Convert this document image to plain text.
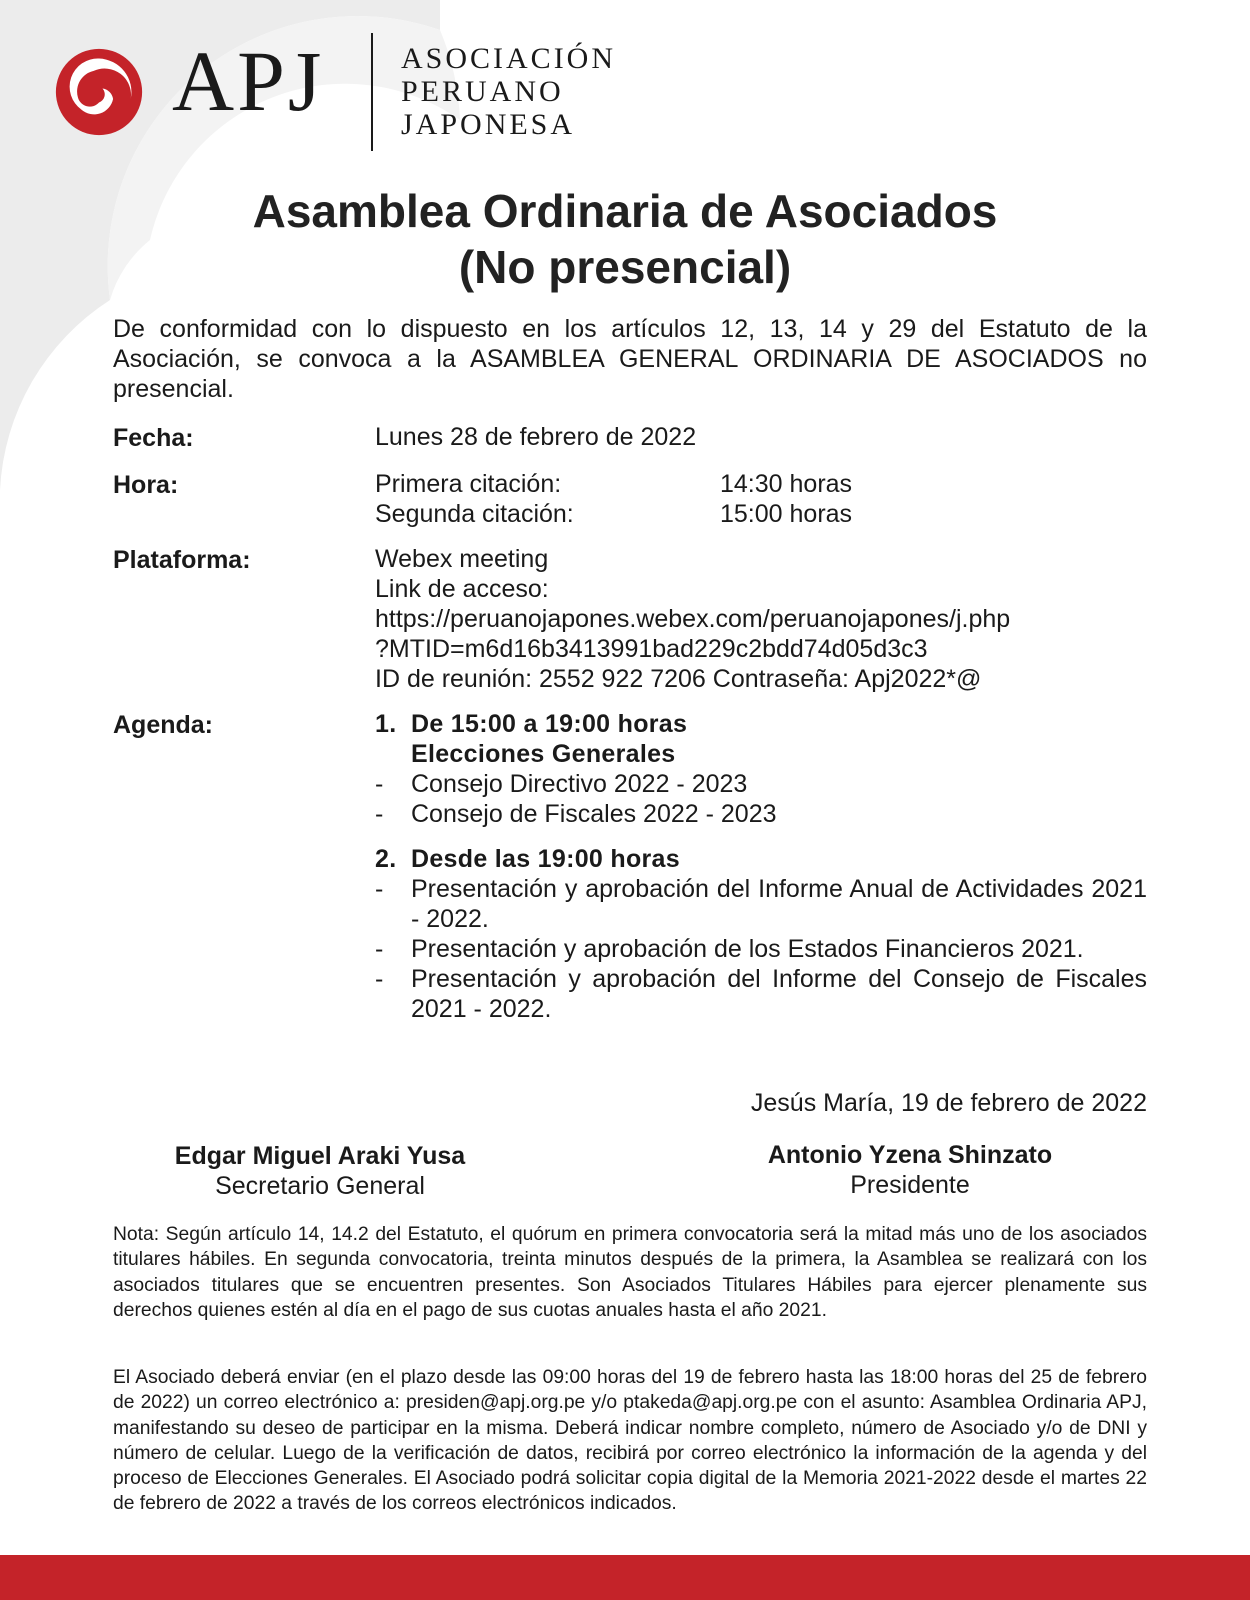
APJ	ASOCIACIÓN
PERUANO
JAPONESA
Asamblea Ordinaria de Asociados
(No presencial)
De conformidad con lo dispuesto en los artículos 12, 13, 14 y 29 del Estatuto de la Asociación, se convoca a la ASAMBLEA GENERAL ORDINARIA DE ASOCIADOS no presencial.
Fecha:	Lunes 28 de febrero de 2022
Hora:	Primera citación:	14:30 horas
Segunda citación:	15:00 horas
Plataforma:	Webex meeting
Link de acceso:
https://peruanojapones.webex.com/peruanojapones/j.php
?MTID=m6d16b3413991bad229c2bdd74d05d3c3
ID de reunión: 2552 922 7206 Contraseña: Apj2022*@
Agenda:	1. De 15:00 a 19:00 horas
Elecciones Generales
-	Consejo Directivo 2022 - 2023
-	Consejo de Fiscales 2022 - 2023
2. Desde las 19:00 horas
-	Presentación y aprobación del Informe Anual de Actividades 2021 - 2022.
-	Presentación y aprobación de los Estados Financieros 2021.
-	Presentación y aprobación del Informe del Consejo de Fiscales 2021 - 2022.
Jesús María, 19 de febrero de 2022
Edgar Miguel Araki Yusa
Secretario General
Antonio Yzena Shinzato
Presidente
Nota: Según artículo 14, 14.2 del Estatuto, el quórum en primera convocatoria será la mitad más uno de los asociados titulares hábiles. En segunda convocatoria, treinta minutos después de la primera, la Asamblea se realizará con los asociados titulares que se encuentren presentes. Son Asociados Titulares Hábiles para ejercer plenamente sus derechos quienes estén al día en el pago de sus cuotas anuales hasta el año 2021.
El Asociado deberá enviar (en el plazo desde las 09:00 horas del 19 de febrero hasta las 18:00 horas del 25 de febrero de 2022) un correo electrónico a: presiden@apj.org.pe y/o ptakeda@apj.org.pe con el asunto: Asamblea Ordinaria APJ, manifestando su deseo de participar en la misma. Deberá indicar nombre completo, número de Asociado y/o de DNI y número de celular. Luego de la verificación de datos, recibirá por correo electrónico la información de la agenda y del proceso de Elecciones Generales. El Asociado podrá solicitar copia digital de la Memoria 2021-2022 desde el martes 22 de febrero de 2022 a través de los correos electrónicos indicados.
